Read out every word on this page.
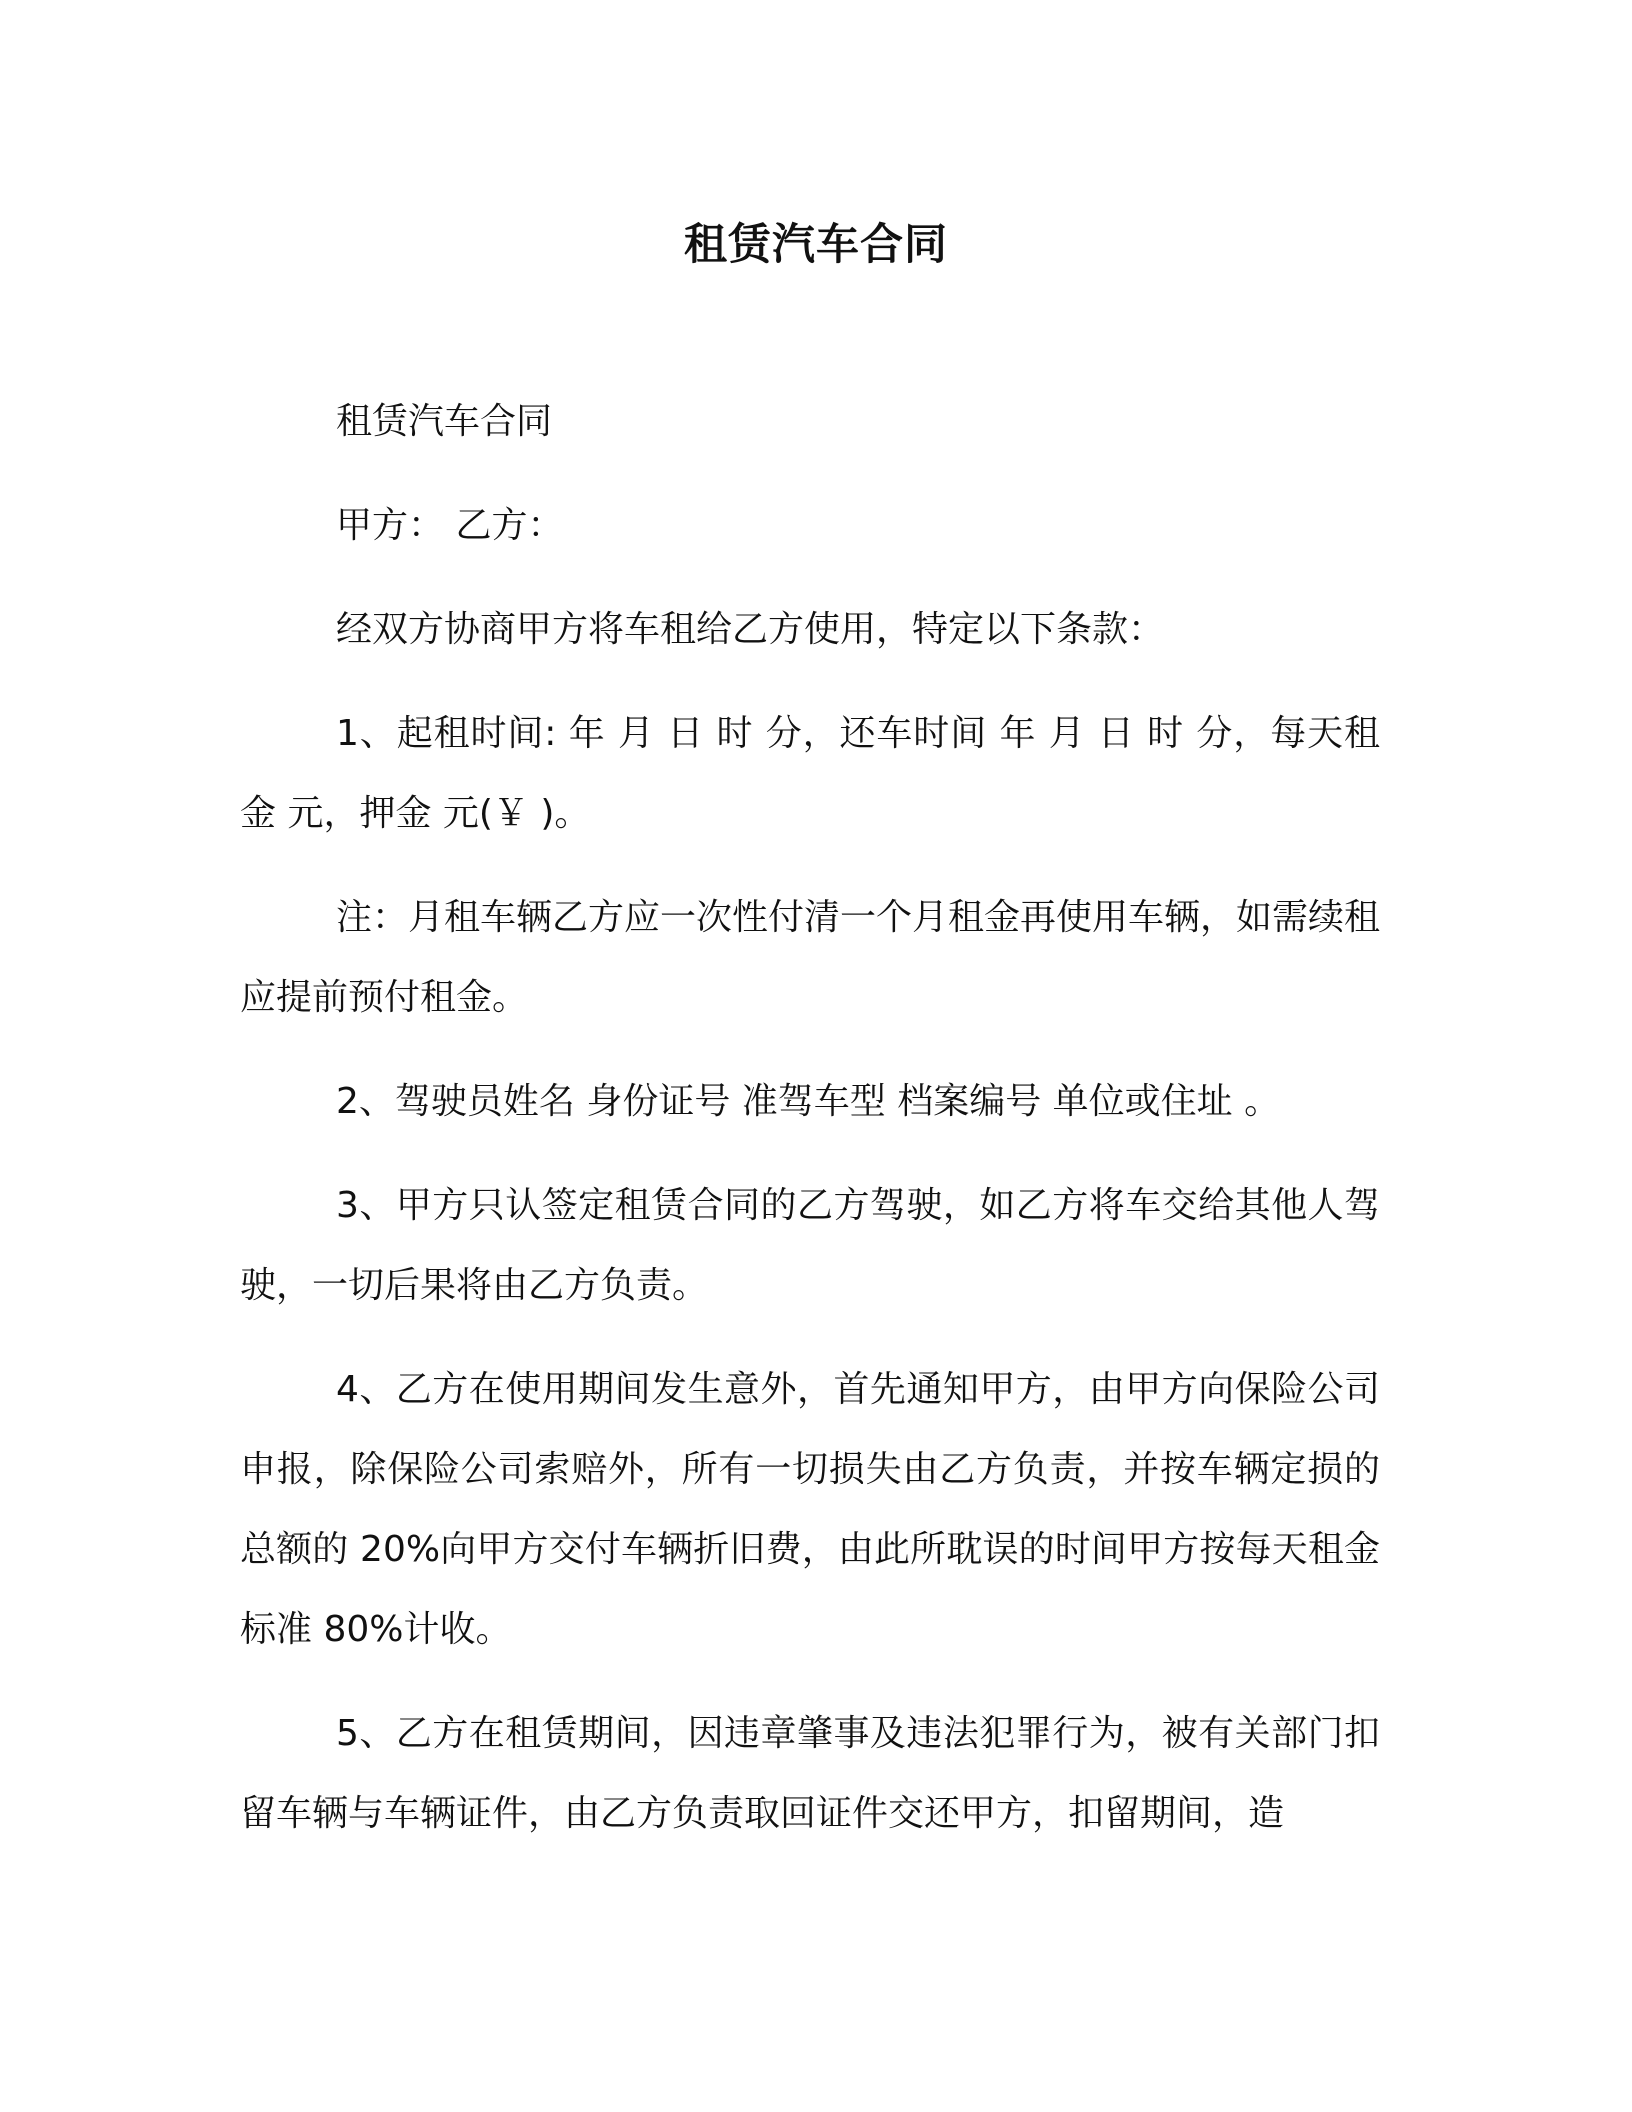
租赁汽车合同

租赁汽车合同

甲方： 乙方：

经双方协商甲方将车租给乙方使用，特定以下条款：

1、起租时间: 年 月 日 时 分，还车时间 年 月 日 时 分，每天租金 元，押金 元(￥ )。

注：月租车辆乙方应一次性付清一个月租金再使用车辆，如需续租应提前预付租金。

2、驾驶员姓名 身份证号 准驾车型 档案编号 单位或住址 。

3、甲方只认签定租赁合同的乙方驾驶，如乙方将车交给其他人驾驶，一切后果将由乙方负责。

4、乙方在使用期间发生意外，首先通知甲方，由甲方向保险公司申报，除保险公司索赔外，所有一切损失由乙方负责，并按车辆定损的总额的 20%向甲方交付车辆折旧费，由此所耽误的时间甲方按每天租金标准 80%计收。

5、乙方在租赁期间，因违章肇事及违法犯罪行为，被有关部门扣留车辆与车辆证件，由乙方负责取回证件交还甲方，扣留期间，造
